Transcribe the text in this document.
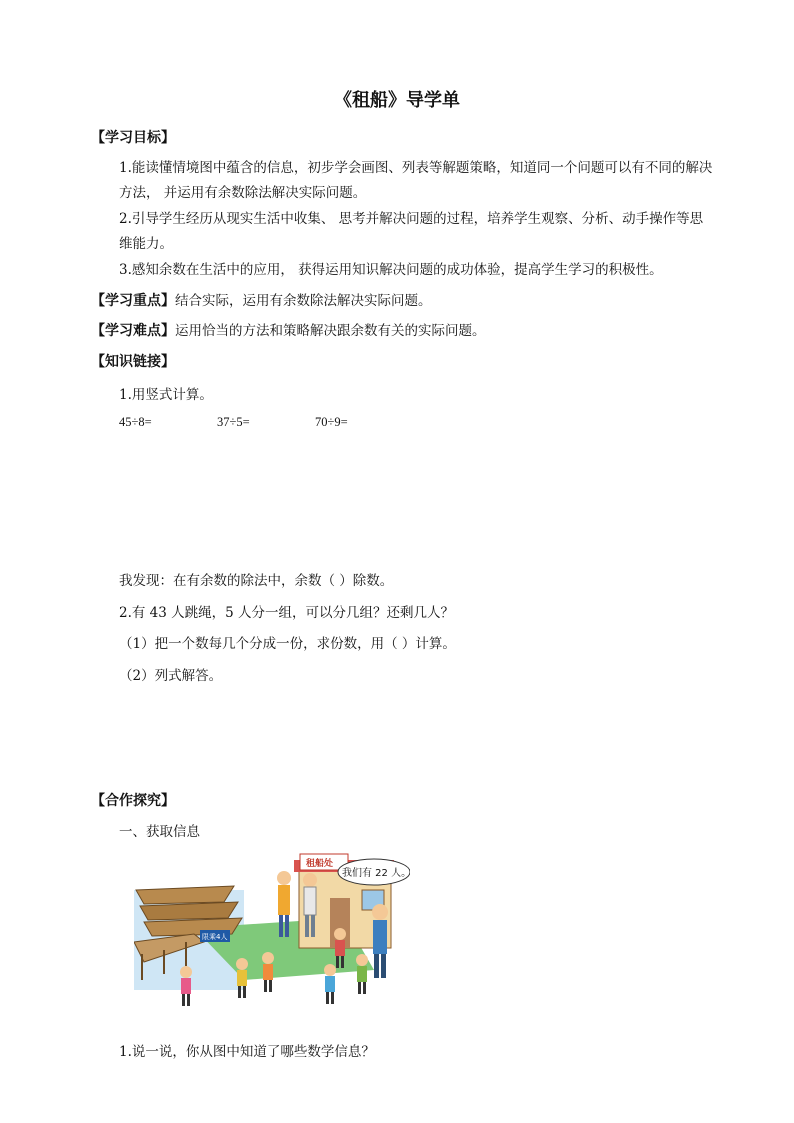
《租船》导学单
【学习目标】
1.能读懂情境图中蕴含的信息，初步学会画图、列表等解题策略，知道同一个问题可以有不同的解决
方法， 并运用有余数除法解决实际问题。
2.引导学生经历从现实生活中收集、 思考并解决问题的过程，培养学生观察、分析、动手操作等思
维能力。
3.感知余数在生活中的应用， 获得运用知识解决问题的成功体验，提高学生学习的积极性。
【学习重点】结合实际，运用有余数除法解决实际问题。
【学习难点】运用恰当的方法和策略解决跟余数有关的实际问题。
【知识链接】
1.用竖式计算。
45÷8=	37÷5=	70÷9=
我发现：在有余数的除法中，余数（ ）除数。
2.有 43 人跳绳，5 人分一组，可以分几组？还剩几人？
（1）把一个数每几个分成一份，求份数，用（ ）计算。
（2）列式解答。
【合作探究】
一、获取信息
租船处
我们有 22 人。
限乘4人
1.说一说，你从图中知道了哪些数学信息？
